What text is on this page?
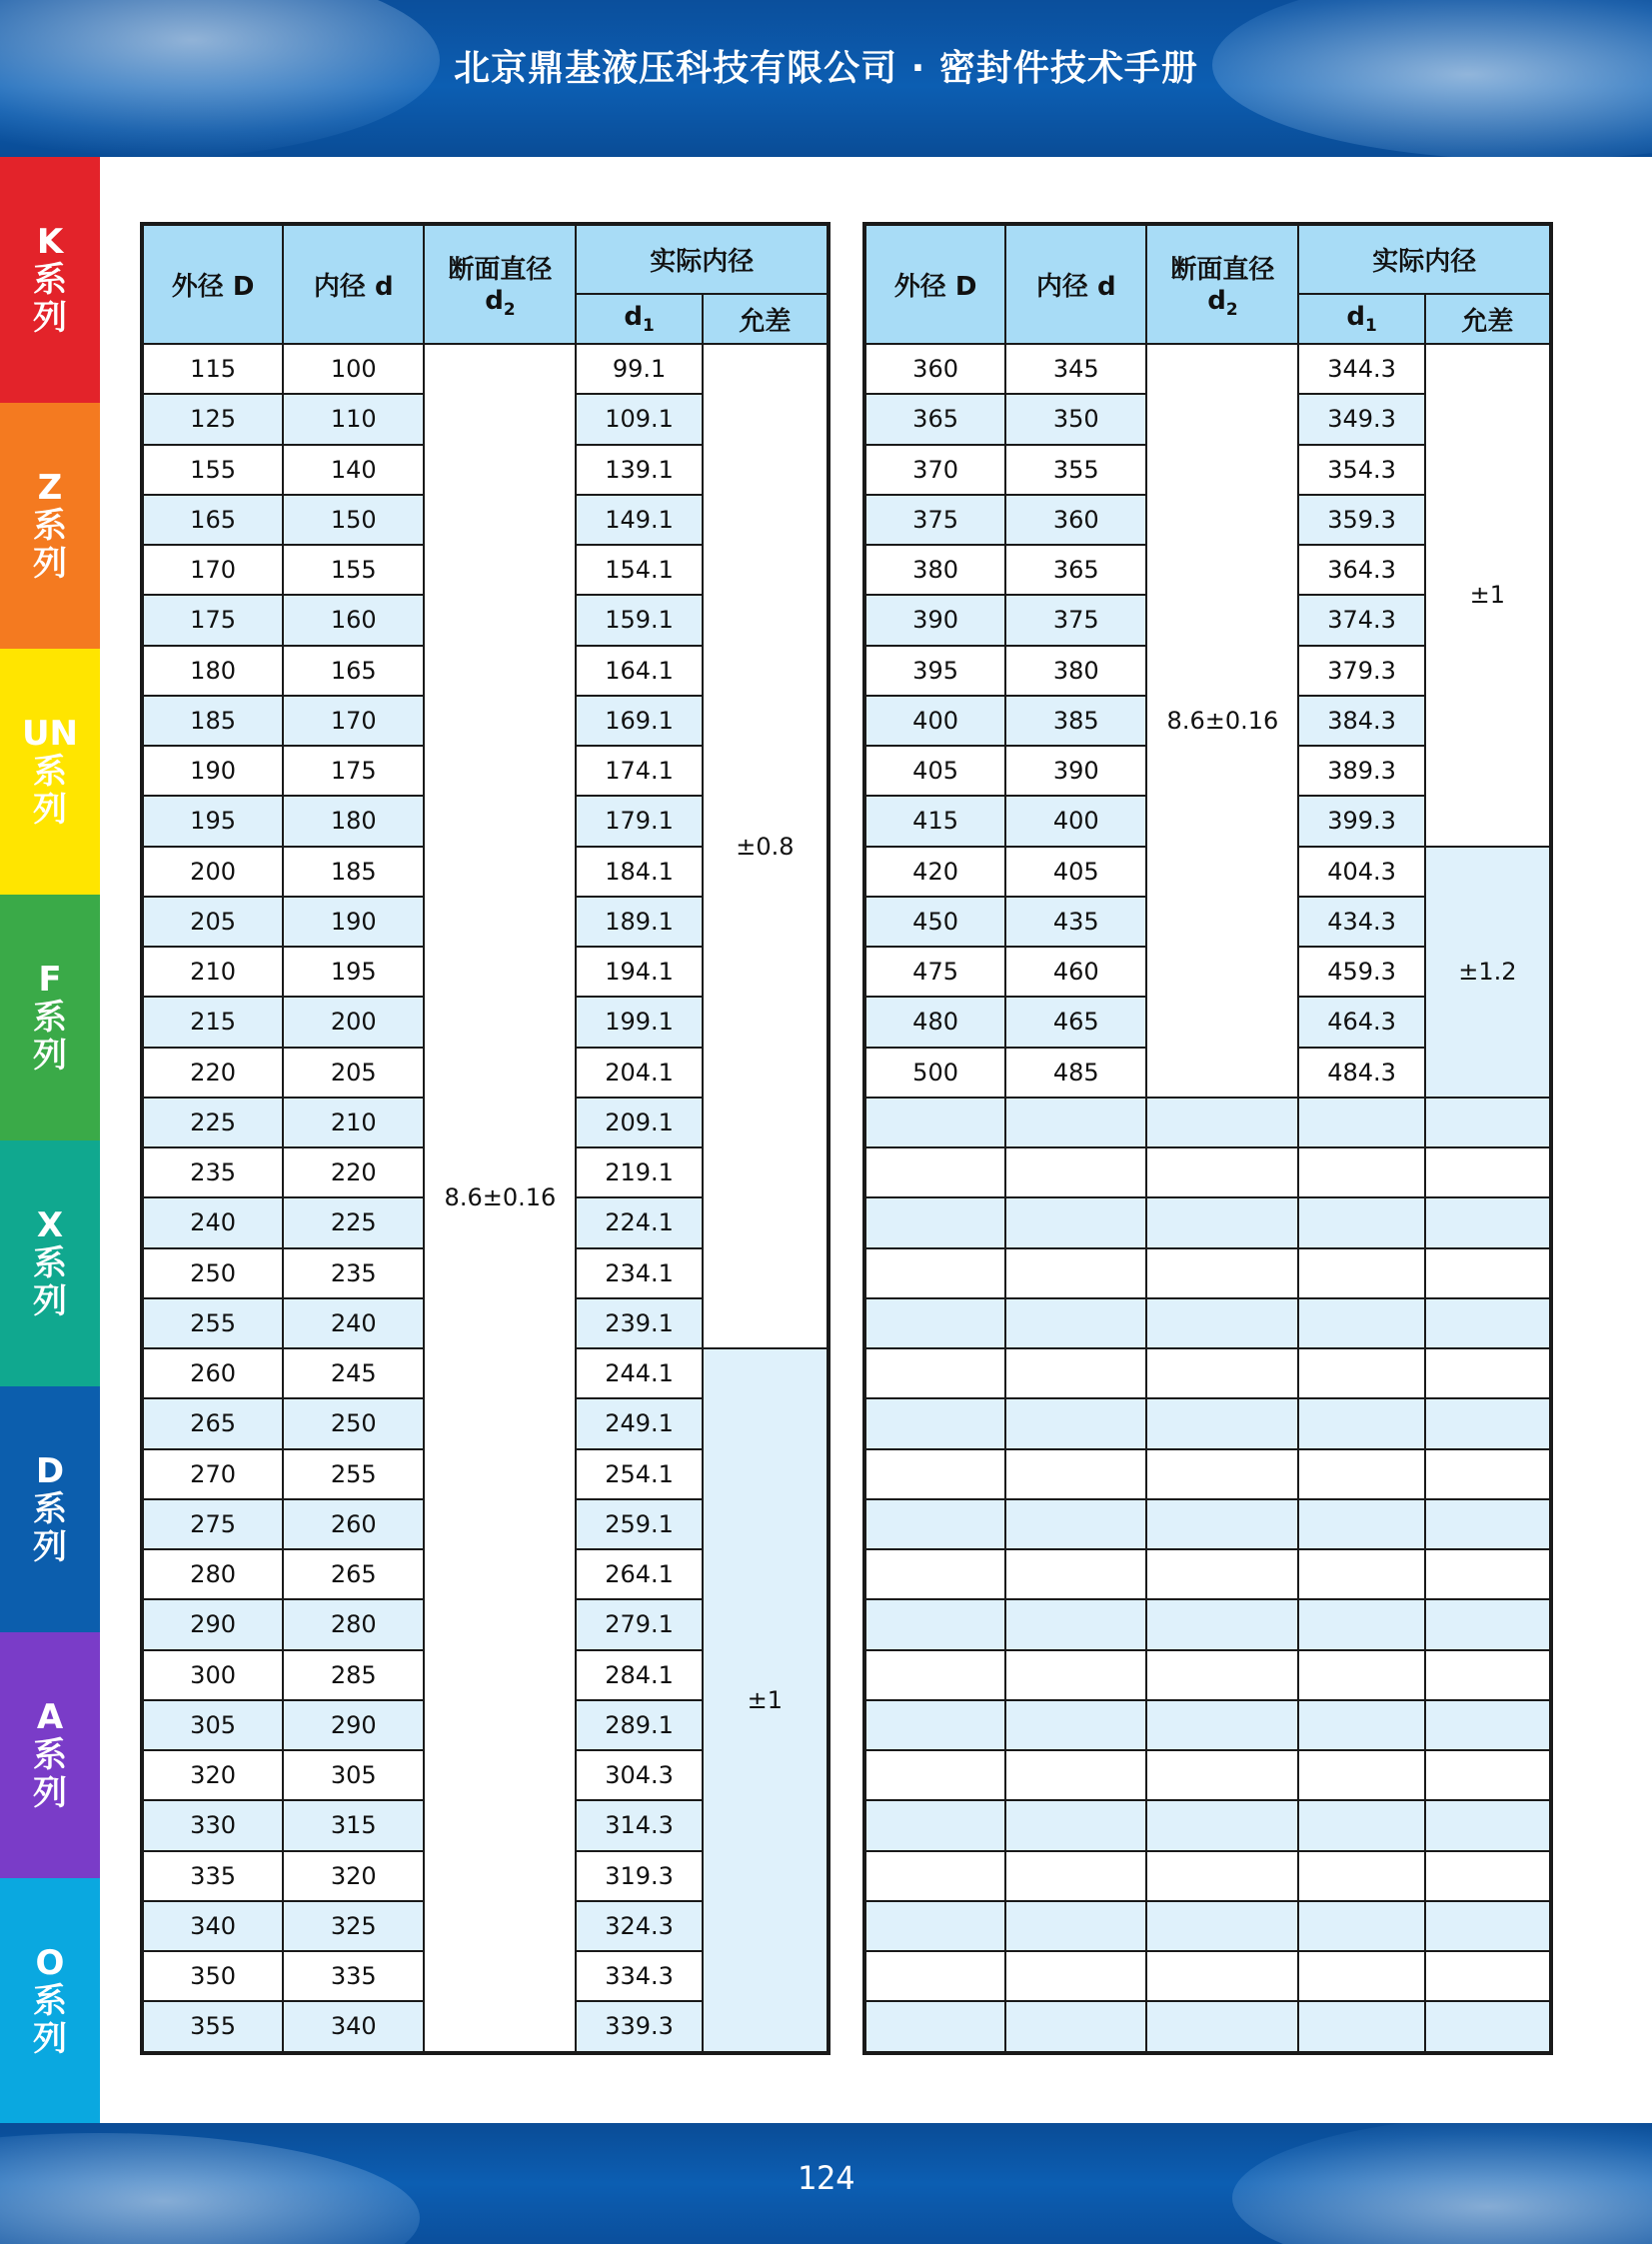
北京鼎基液压科技有限公司 · 密封件技术手册
K
系
列
Z
系
列
UN
系
列
F
系
列
X
系
列
D
系
列
A
系
列
O
系
列
外径 D	内径 d	断面直径
$d_2$	实际内径	
			$d_1$	允差
115	100	8.6±0.16	99.1	±0.8
125	110		109.1	
155	140		139.1	
165	150		149.1	
170	155		154.1	
175	160		159.1	
180	165		164.1	
185	170		169.1	
190	175		174.1	
195	180		179.1	
200	185		184.1	
205	190		189.1	
210	195		194.1	
215	200		199.1	
220	205		204.1	
225	210		209.1	
235	220		219.1	
240	225		224.1	
250	235		234.1	
255	240		239.1	
260	245		244.1	±1
265	250		249.1	
270	255		254.1	
275	260		259.1	
280	265		264.1	
290	280		279.1	
300	285		284.1	
305	290		289.1	
320	305		304.3	
330	315		314.3	
335	320		319.3	
340	325		324.3	
350	335		334.3	
355	340		339.3	
外径 D	内径 d	断面直径
$d_2$	实际内径	
			$d_1$	允差
360	345	8.6±0.16	344.3	±1
365	350		349.3	
370	355		354.3	
375	360		359.3	
380	365		364.3	
390	375		374.3	
395	380		379.3	
400	385		384.3	
405	390		389.3	
415	400		399.3	
420	405		404.3	±1.2
450	435		434.3	
475	460		459.3	
480	465		464.3	
500	485		484.3	

124
